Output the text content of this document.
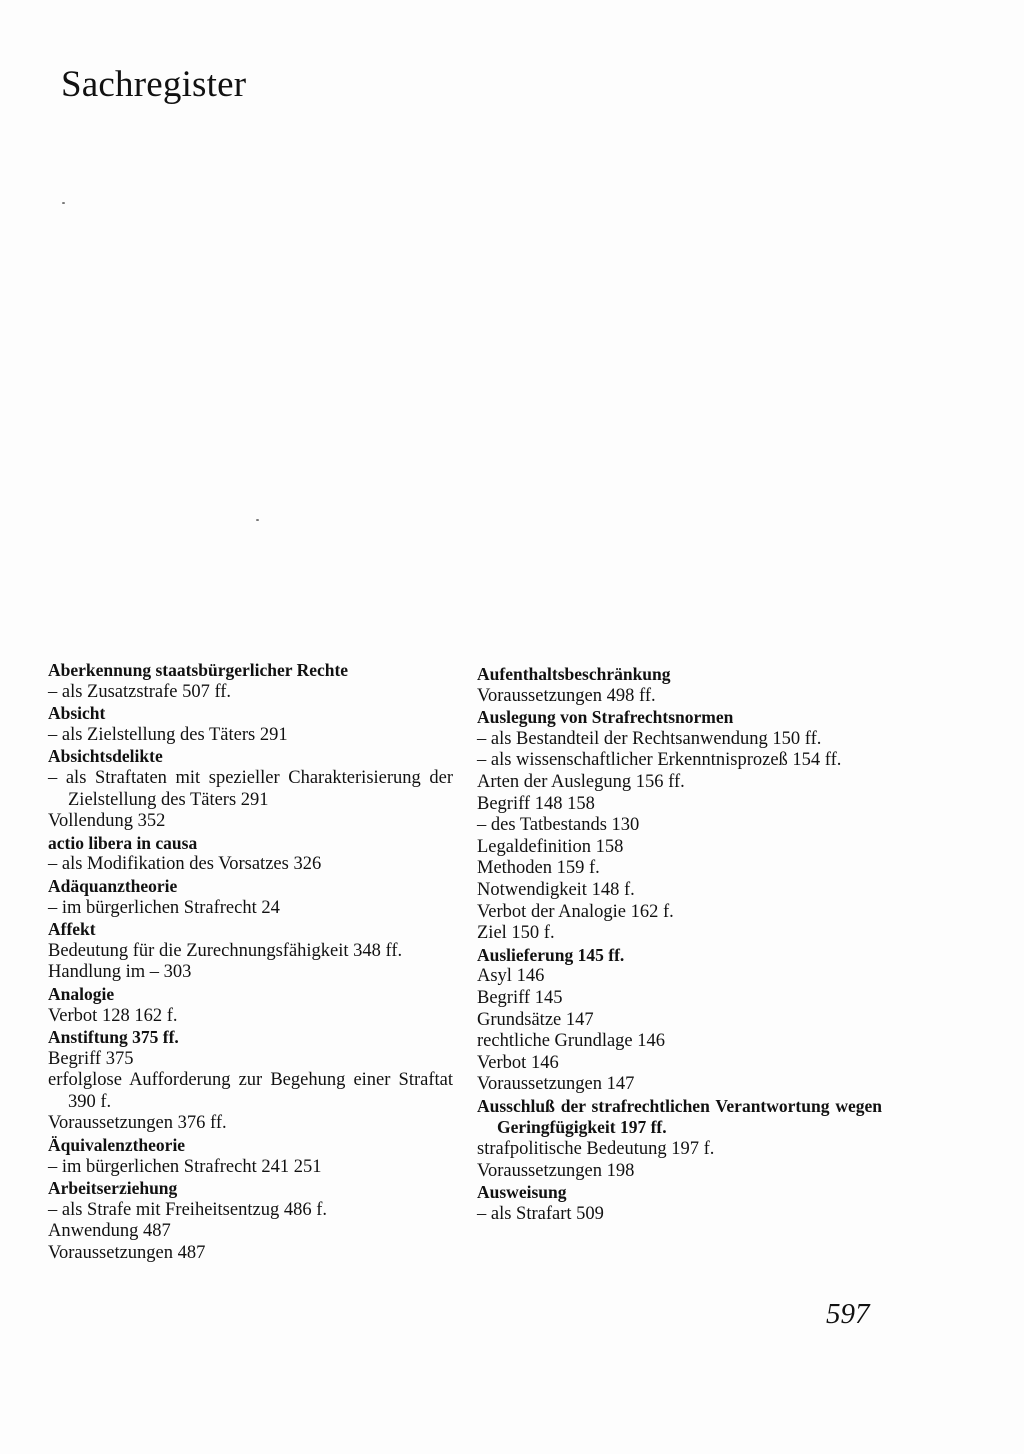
Sachregister
Aberkennung staatsbürgerlicher Rechte
– als Zusatzstrafe 507 ff.
Absicht
– als Zielstellung des Täters 291
Absichtsdelikte
– als Straftaten mit spezieller Charakterisierung der Zielstellung des Täters 291
Vollendung 352
actio libera in causa
– als Modifikation des Vorsatzes 326
Adäquanztheorie
– im bürgerlichen Strafrecht 24
Affekt
Bedeutung für die Zurechnungsfähigkeit 348 ff.
Handlung im – 303
Analogie
Verbot 128 162 f.
Anstiftung 375 ff.
Begriff 375
erfolglose Aufforderung zur Begehung einer Straftat 390 f.
Voraussetzungen 376 ff.
Äquivalenztheorie
– im bürgerlichen Strafrecht 241 251
Arbeitserziehung
– als Strafe mit Freiheitsentzug 486 f.
Anwendung 487
Voraussetzungen 487
Aufenthaltsbeschränkung
Voraussetzungen 498 ff.
Auslegung von Strafrechtsnormen
– als Bestandteil der Rechtsanwendung 150 ff.
– als wissenschaftlicher Erkenntnisprozeß 154 ff.
Arten der Auslegung 156 ff.
Begriff 148 158
– des Tatbestands 130
Legaldefinition 158
Methoden 159 f.
Notwendigkeit 148 f.
Verbot der Analogie 162 f.
Ziel 150 f.
Auslieferung 145 ff.
Asyl 146
Begriff 145
Grundsätze 147
rechtliche Grundlage 146
Verbot 146
Voraussetzungen 147
Ausschluß der strafrechtlichen Verantwortung wegen Geringfügigkeit 197 ff.
strafpolitische Bedeutung 197 f.
Voraussetzungen 198
Ausweisung
– als Strafart 509
597
